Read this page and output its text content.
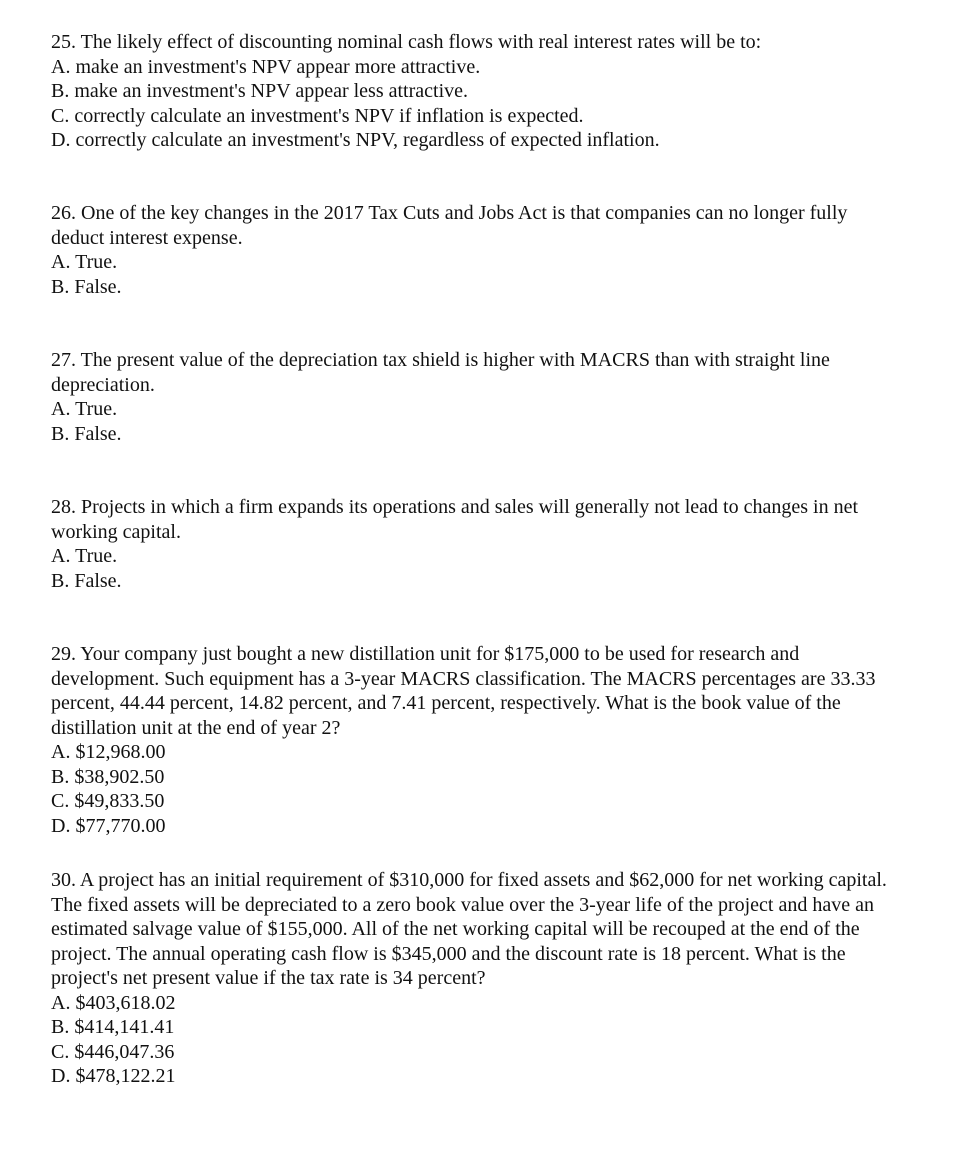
25. The likely effect of discounting nominal cash flows with real interest rates will be to:

A. make an investment's NPV appear more attractive.
B. make an investment's NPV appear less attractive.
C. correctly calculate an investment's NPV if inflation is expected.
D. correctly calculate an investment's NPV, regardless of expected inflation.

26. One of the key changes in the 2017 Tax Cuts and Jobs Act is that companies can no longer fully deduct interest expense.

A. True.
B. False.

27. The present value of the depreciation tax shield is higher with MACRS than with straight line depreciation.

A. True.
B. False.

28. Projects in which a firm expands its operations and sales will generally not lead to changes in net working capital.

A. True.
B. False.

29. Your company just bought a new distillation unit for $175,000 to be used for research and development. Such equipment has a 3-year MACRS classification. The MACRS percentages are 33.33 percent, 44.44 percent, 14.82 percent, and 7.41 percent, respectively. What is the book value of the distillation unit at the end of year 2?

A. $12,968.00
B. $38,902.50
C. $49,833.50
D. $77,770.00

30. A project has an initial requirement of $310,000 for fixed assets and $62,000 for net working capital. The fixed assets will be depreciated to a zero book value over the 3-year life of the project and have an estimated salvage value of $155,000. All of the net working capital will be recouped at the end of the project. The annual operating cash flow is $345,000 and the discount rate is 18 percent. What is the project's net present value if the tax rate is 34 percent?

A. $403,618.02
B. $414,141.41
C. $446,047.36
D. $478,122.21
